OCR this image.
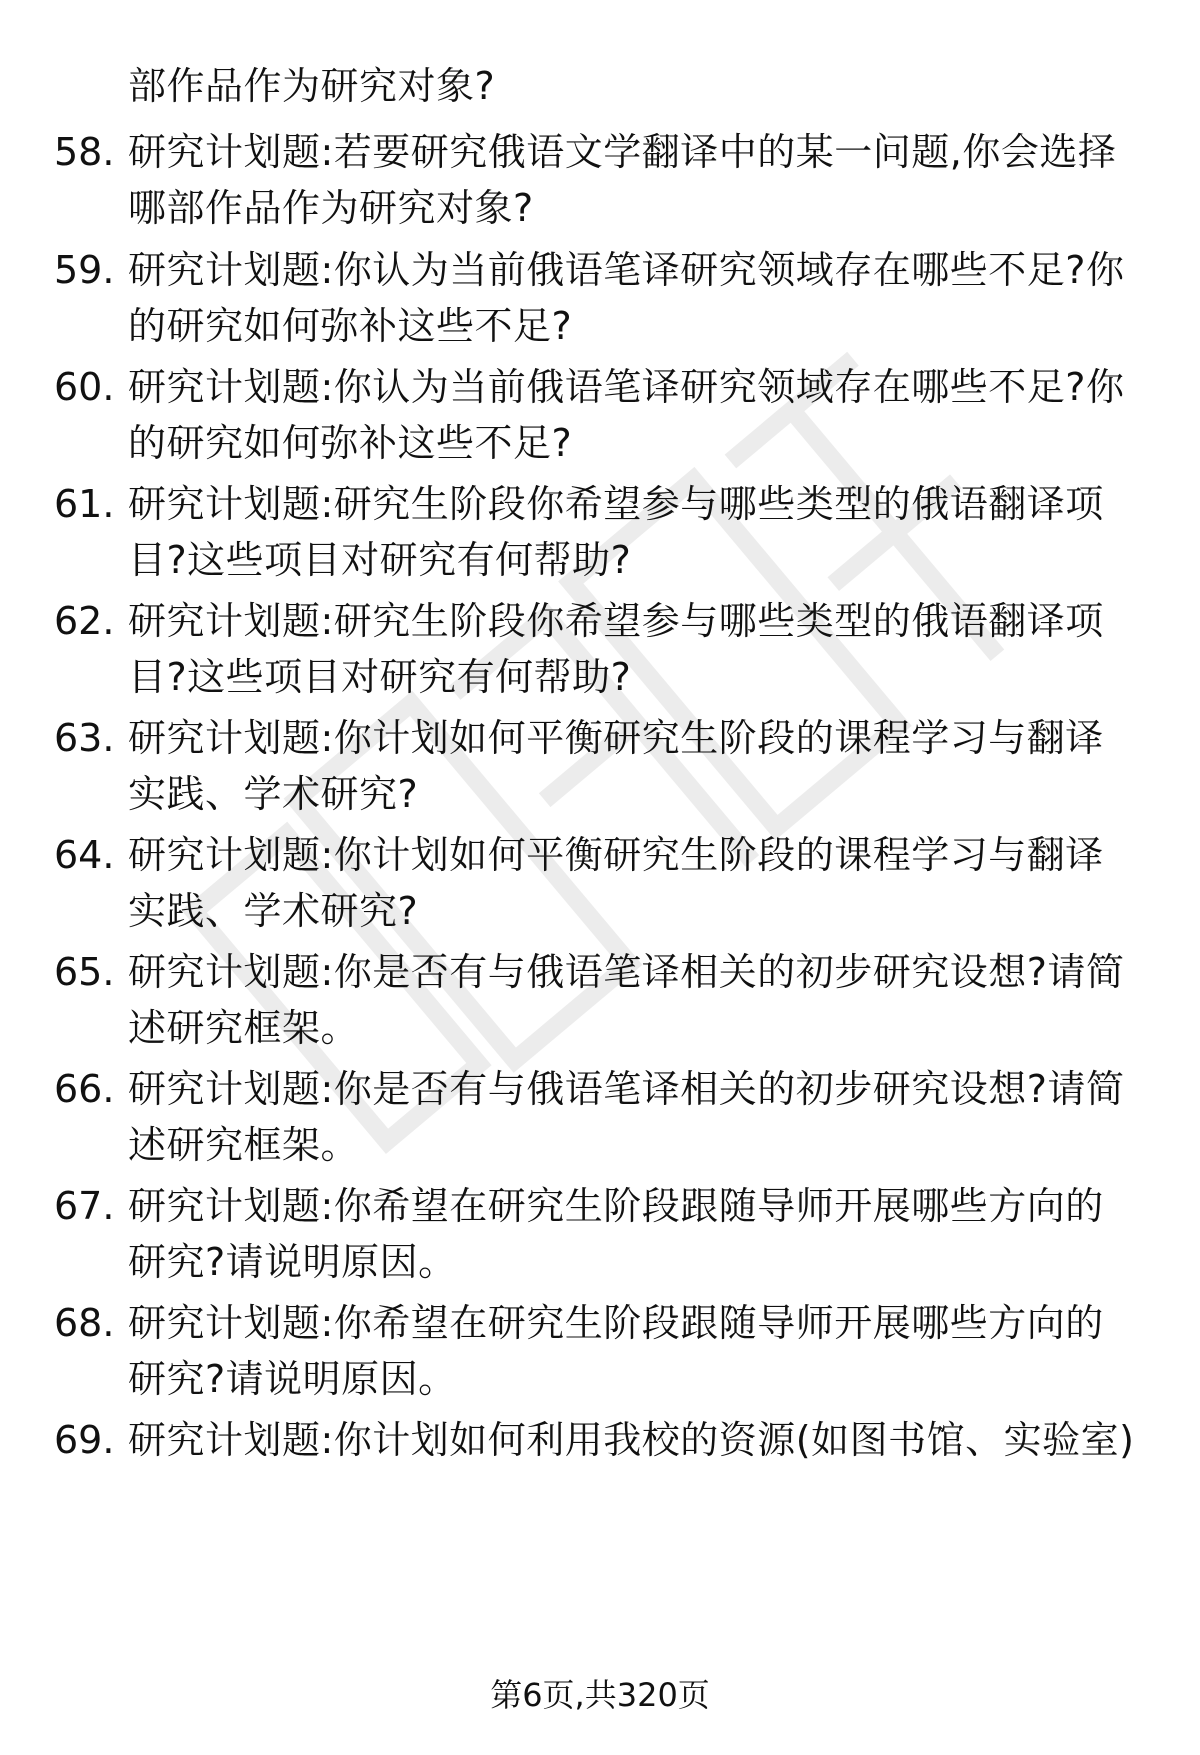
部作品作为研究对象?
58. 研究计划题:若要研究俄语文学翻译中的某一问题,你会选择哪部作品作为研究对象?
59. 研究计划题:你认为当前俄语笔译研究领域存在哪些不足?你的研究如何弥补这些不足?
60. 研究计划题:你认为当前俄语笔译研究领域存在哪些不足?你的研究如何弥补这些不足?
61. 研究计划题:研究生阶段你希望参与哪些类型的俄语翻译项目?这些项目对研究有何帮助?
62. 研究计划题:研究生阶段你希望参与哪些类型的俄语翻译项目?这些项目对研究有何帮助?
63. 研究计划题:你计划如何平衡研究生阶段的课程学习与翻译实践、学术研究?
64. 研究计划题:你计划如何平衡研究生阶段的课程学习与翻译实践、学术研究?
65. 研究计划题:你是否有与俄语笔译相关的初步研究设想?请简述研究框架。
66. 研究计划题:你是否有与俄语笔译相关的初步研究设想?请简述研究框架。
67. 研究计划题:你希望在研究生阶段跟随导师开展哪些方向的研究?请说明原因。
68. 研究计划题:你希望在研究生阶段跟随导师开展哪些方向的研究?请说明原因。
69. 研究计划题:你计划如何利用我校的资源(如图书馆、实验室)
第6页,共320页
